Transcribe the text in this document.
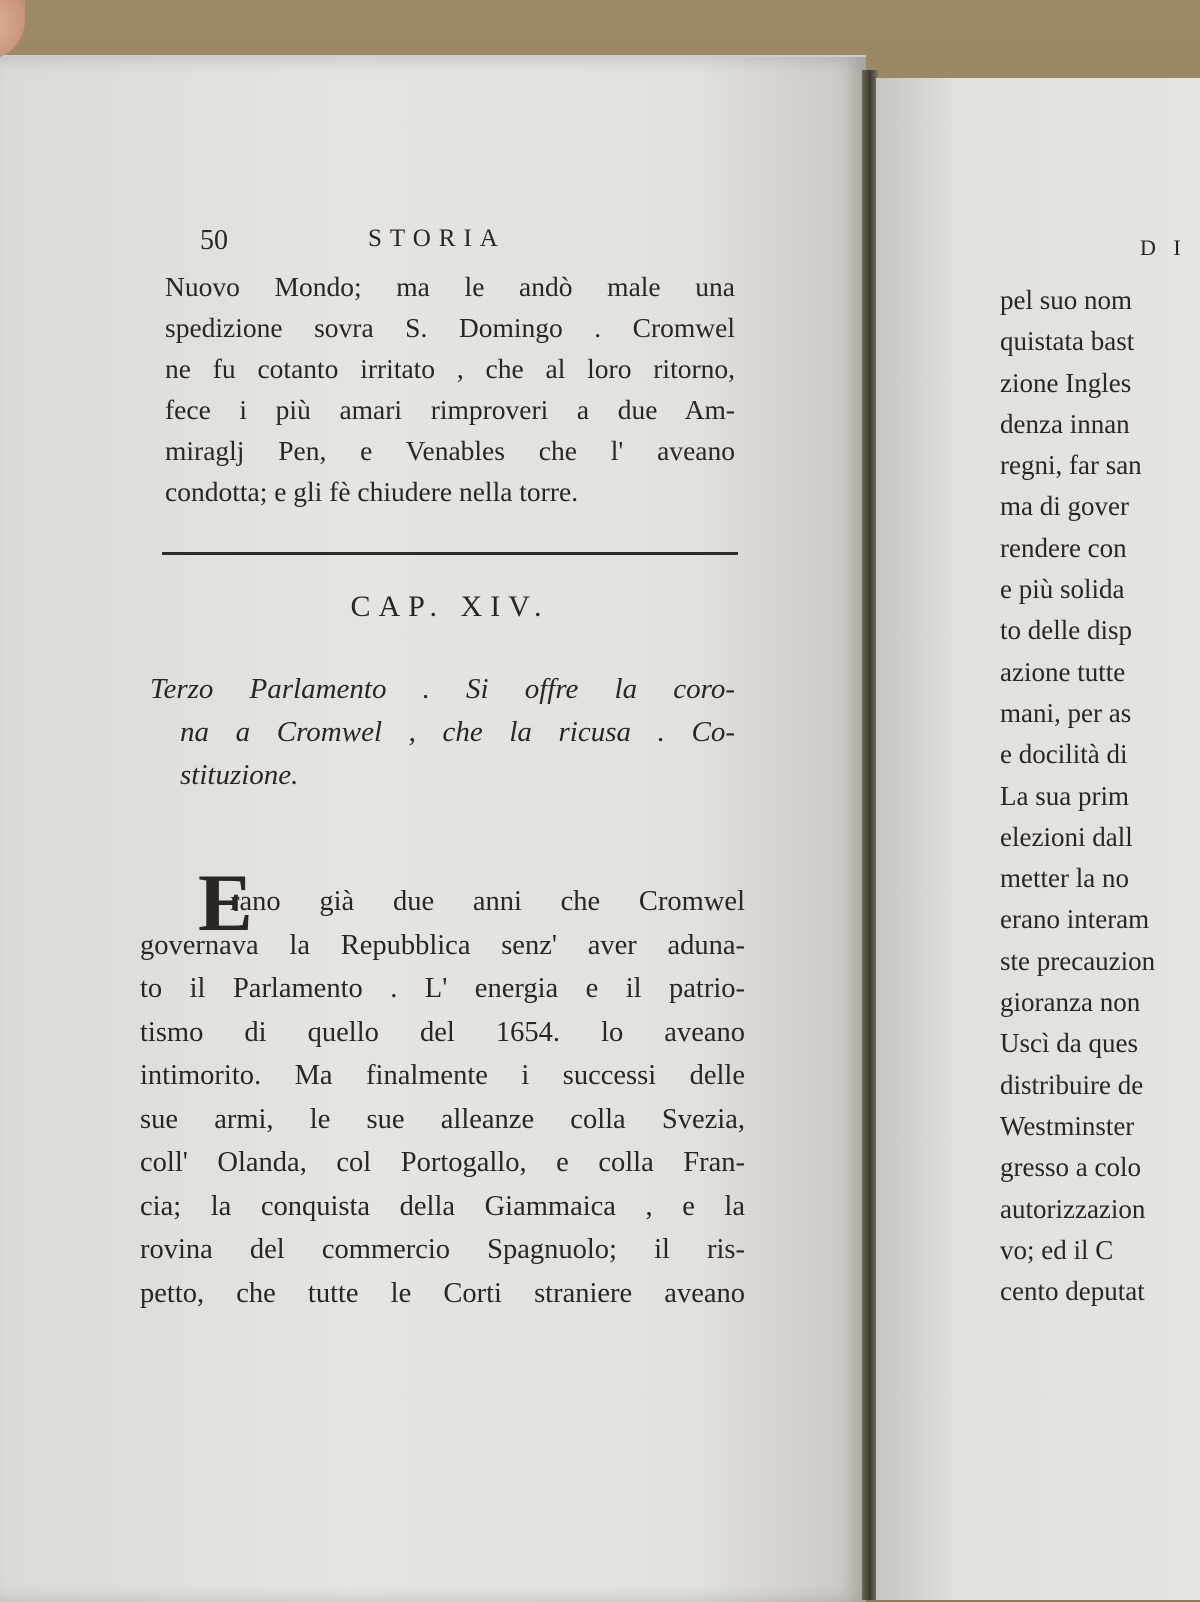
50	STORIA
Nuovo Mondo; ma le andò male una
spedizione sovra S. Domingo . Cromwel
ne fu cotanto irritato , che al loro ritorno,
fece i più amari rimproveri a due Am-
miraglj Pen, e Venables che l' aveano
condotta; e gli fè chiudere nella torre.
CAP. XIV.
Terzo Parlamento . Si offre la coro-
na a Cromwel , che la ricusa . Co-
stituzione.
E
rano già due anni che Cromwel
governava la Repubblica senz' aver aduna-
to il Parlamento . L' energia e il patrio-
tismo di quello del 1654. lo aveano
intimorito. Ma finalmente i successi delle
sue armi, le sue alleanze colla Svezia,
coll' Olanda, col Portogallo, e colla Fran-
cia; la conquista della Giammaica , e la
rovina del commercio Spagnuolo; il ris-
petto, che tutte le Corti straniere aveano
D I
pel suo nom
quistata bast
zione Ingles
denza innan
regni, far san
ma di gover
rendere con
e più solida
to delle disp
azione tutte
mani, per as
e docilità di
La sua prim
elezioni dall
metter la no
erano interam
ste precauzion
gioranza non
Uscì da ques
distribuire de
Westminster
gresso a colo
autorizzazion
vo; ed il C
cento deputat
